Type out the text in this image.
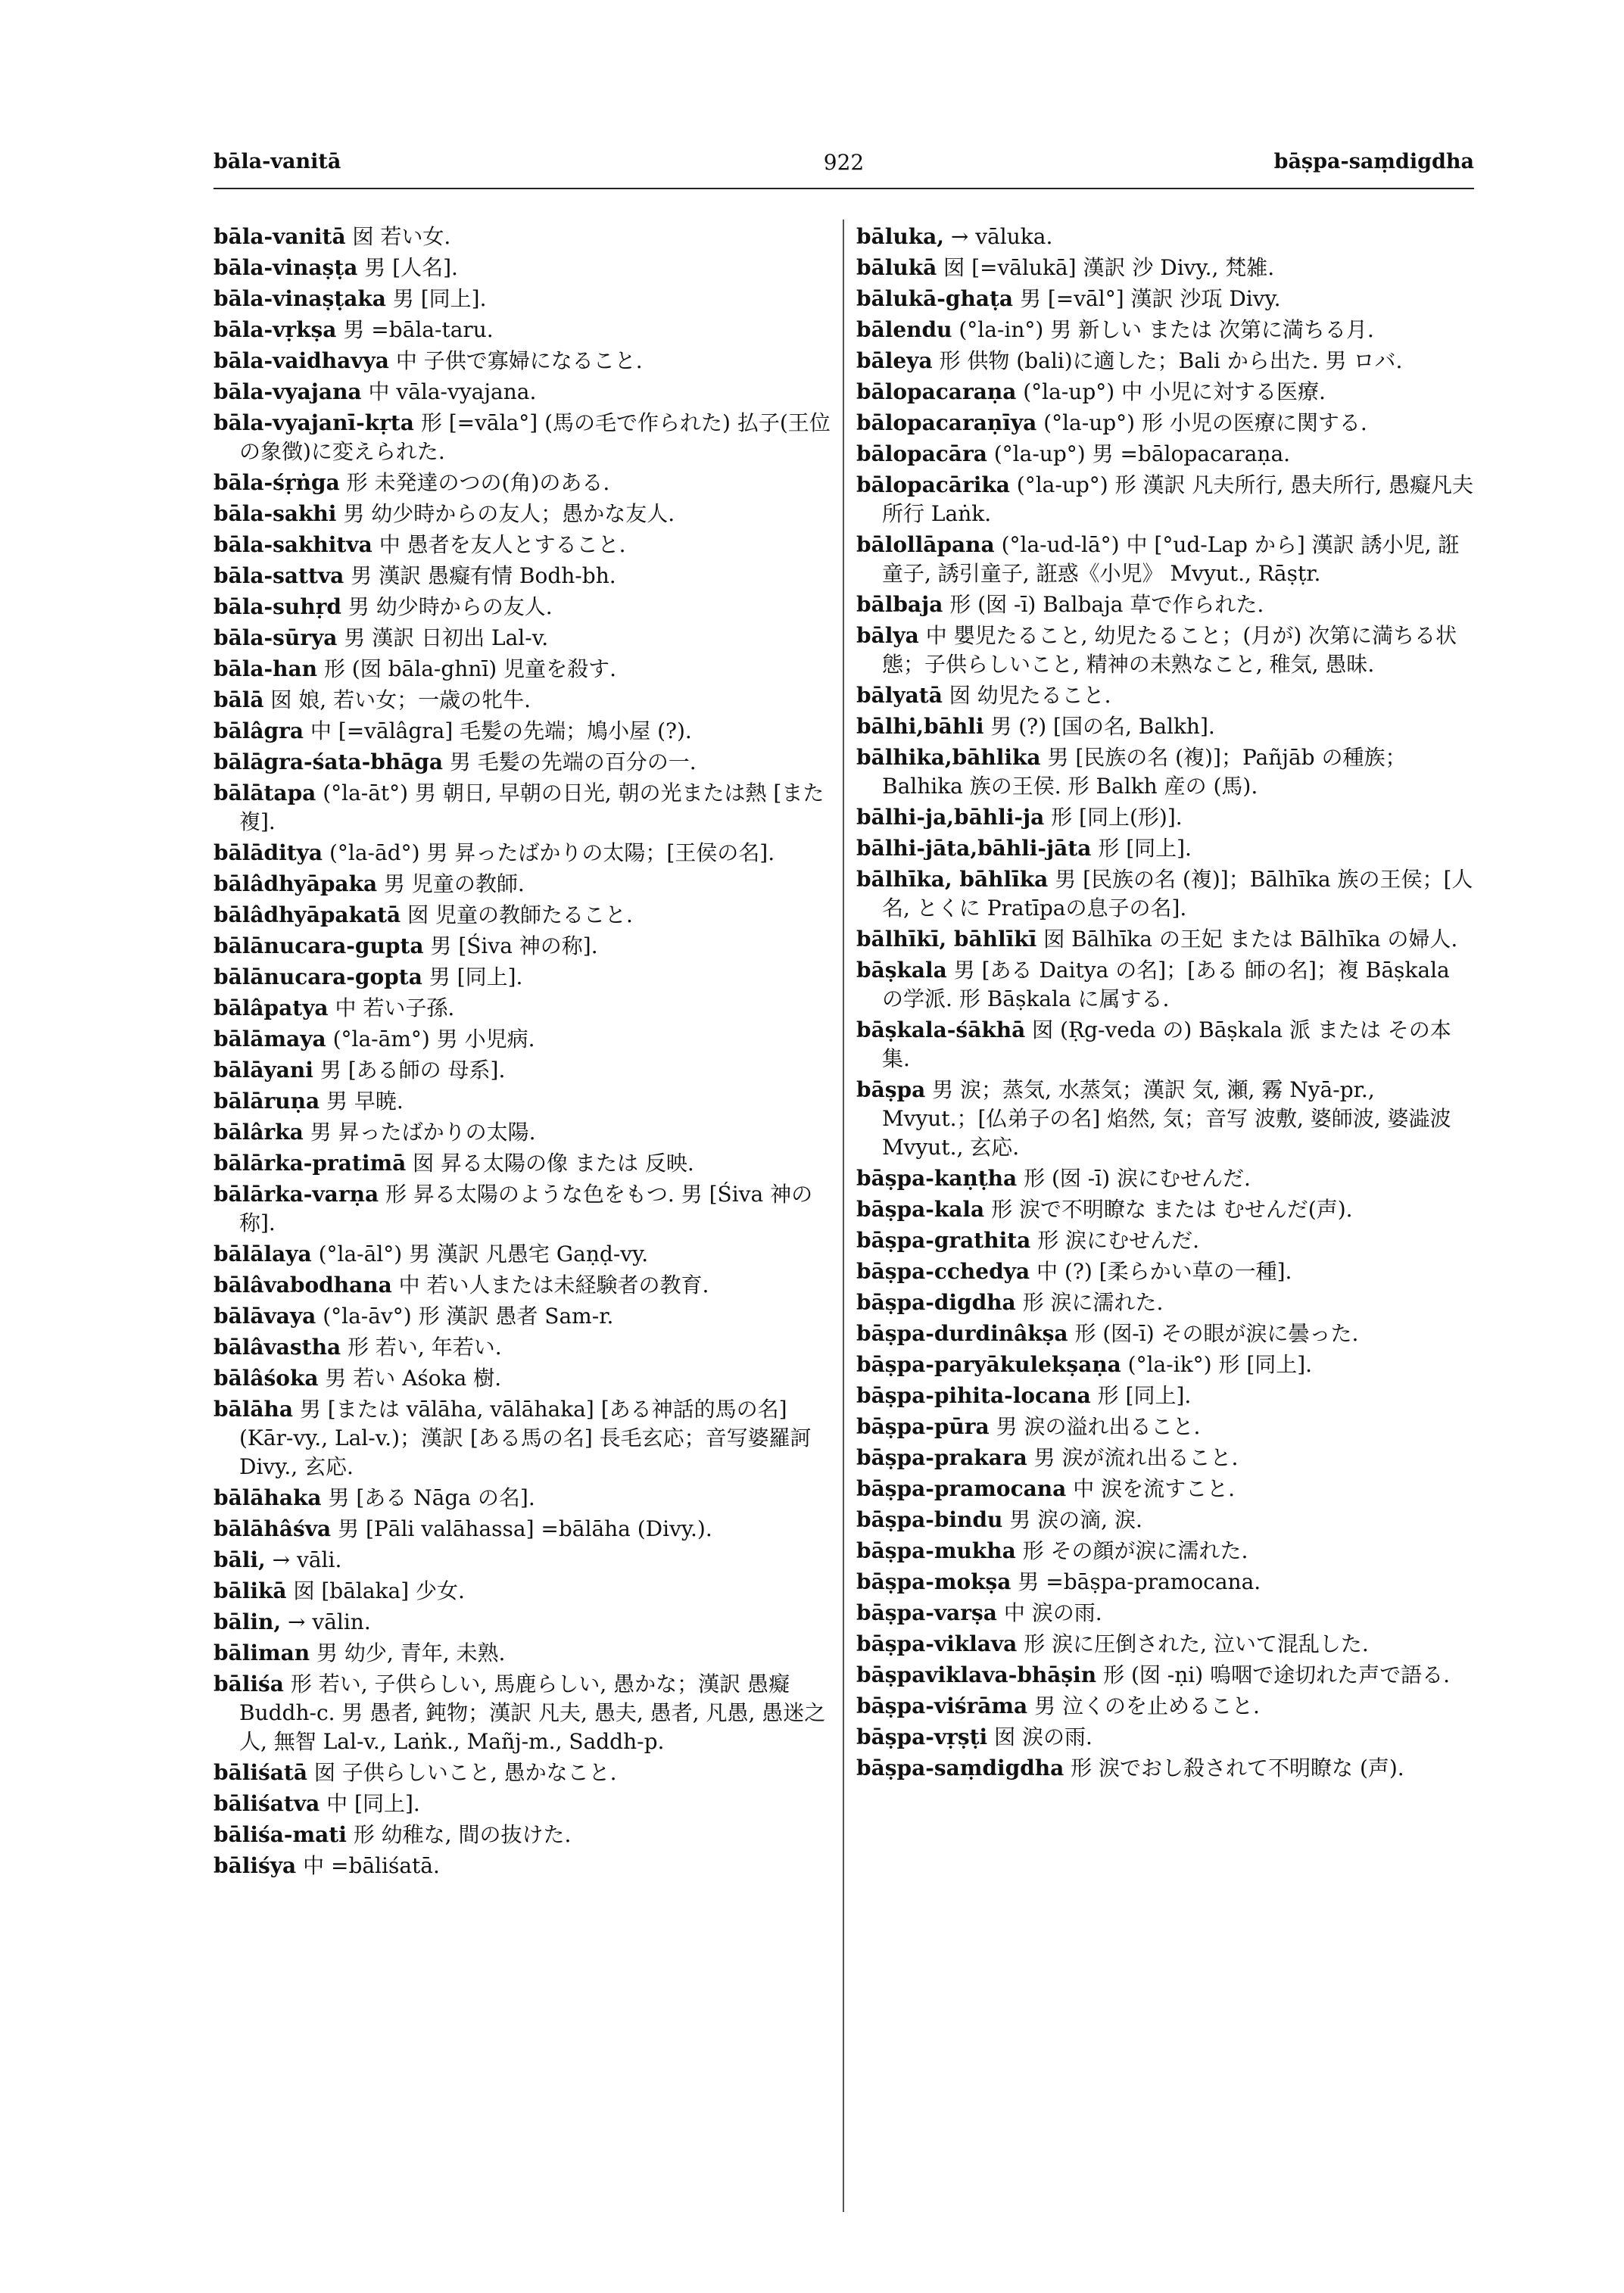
bāla-vanitā	922	bāṣpa-saṃdigdha
bāla-vanitā 囡 若い女.
bāla-vinaṣṭa 男 [人名].
bāla-vinaṣṭaka 男 [同上].
bāla-vṛkṣa 男 =bāla-taru.
bāla-vaidhavya 中 子供で寡婦になること.
bāla-vyajana 中 vāla-vyajana.
bāla-vyajanī-kṛta 形 [=vāla°] (馬の毛で作られた) 払子(王位の象徴)に変えられた.
bāla-śṛṅga 形 未発達のつの(角)のある.
bāla-sakhi 男 幼少時からの友人；愚かな友人.
bāla-sakhitva 中 愚者を友人とすること.
bāla-sattva 男 漢訳 愚癡有情 Bodh-bh.
bāla-suhṛd 男 幼少時からの友人.
bāla-sūrya 男 漢訳 日初出 Lal-v.
bāla-han 形 (囡 bāla-ghnī) 児童を殺す.
bālā 囡 娘, 若い女；一歳の牝牛.
bālâgra 中 [=vālâgra] 毛髪の先端；鳩小屋 (?).
bālāgra-śata-bhāga 男 毛髪の先端の百分の一.
bālātapa (°la-āt°) 男 朝日, 早朝の日光, 朝の光または熱 [また 複].
bālāditya (°la-ād°) 男 昇ったばかりの太陽；[王侯の名].
bālâdhyāpaka 男 児童の教師.
bālâdhyāpakatā 囡 児童の教師たること.
bālānucara-gupta 男 [Śiva 神の称].
bālānucara-gopta 男 [同上].
bālâpatya 中 若い子孫.
bālāmaya (°la-ām°) 男 小児病.
bālāyani 男 [ある師の 母系].
bālāruṇa 男 早暁.
bālârka 男 昇ったばかりの太陽.
bālārka-pratimā 囡 昇る太陽の像 または 反映.
bālārka-varṇa 形 昇る太陽のような色をもつ. 男 [Śiva 神の称].
bālālaya (°la-āl°) 男 漢訳 凡愚宅 Gaṇḍ-vy.
bālâvabodhana 中 若い人または未経験者の教育.
bālāvaya (°la-āv°) 形 漢訳 愚者 Sam-r.
bālâvastha 形 若い, 年若い.
bālâśoka 男 若い Aśoka 樹.
bālāha 男 [または vālāha, vālāhaka] [ある神話的馬の名] (Kār-vy., Lal-v.)；漢訳 [ある馬の名] 長毛玄応；音写婆羅訶 Divy., 玄応.
bālāhaka 男 [ある Nāga の名].
bālāhâśva 男 [Pāli valāhassa] =bālāha (Divy.).
bāli, → vāli.
bālikā 囡 [bālaka] 少女.
bālin, → vālin.
bāliman 男 幼少, 青年, 未熟.
bāliśa 形 若い, 子供らしい, 馬鹿らしい, 愚かな；漢訳 愚癡 Buddh-c. 男 愚者, 鈍物；漢訳 凡夫, 愚夫, 愚者, 凡愚, 愚迷之人, 無智 Lal-v., Laṅk., Mañj-m., Saddh-p.
bāliśatā 囡 子供らしいこと, 愚かなこと.
bāliśatva 中 [同上].
bāliśa-mati 形 幼稚な, 間の抜けた.
bāliśya 中 =bāliśatā.
bāluka, → vāluka.
bālukā 囡 [=vālukā] 漢訳 沙 Divy., 梵雑.
bālukā-ghaṭa 男 [=vāl°] 漢訳 沙瓨 Divy.
bālendu (°la-in°) 男 新しい または 次第に満ちる月.
bāleya 形 供物 (bali)に適した；Bali から出た. 男 ロバ.
bālopacaraṇa (°la-up°) 中 小児に対する医療.
bālopacaraṇīya (°la-up°) 形 小児の医療に関する.
bālopacāra (°la-up°) 男 =bālopacaraṇa.
bālopacārika (°la-up°) 形 漢訳 凡夫所行, 愚夫所行, 愚癡凡夫所行 Laṅk.
bālollāpana (°la-ud-lā°) 中 [°ud-Lap から] 漢訳 誘小児, 誑童子, 誘引童子, 誑惑《小児》 Mvyut., Rāṣṭr.
bālbaja 形 (囡 -ī) Balbaja 草で作られた.
bālya 中 嬰児たること, 幼児たること；(月が) 次第に満ちる状態；子供らしいこと, 精神の未熟なこと, 稚気, 愚昧.
bālyatā 囡 幼児たること.
bālhi,bāhli 男 (?) [国の名, Balkh].
bālhika,bāhlika 男 [民族の名 (複)]；Pañjāb の種族；Balhika 族の王侯. 形 Balkh 産の (馬).
bālhi-ja,bāhli-ja 形 [同上(形)].
bālhi-jāta,bāhli-jāta 形 [同上].
bālhīka, bāhlīka 男 [民族の名 (複)]；Bālhīka 族の王侯；[人名, とくに Pratīpaの息子の名].
bālhīkī, bāhlīkī 囡 Bālhīka の王妃 または Bālhīka の婦人.
bāṣkala 男 [ある Daitya の名]；[ある 師の名]；複 Bāṣkala の学派. 形 Bāṣkala に属する.
bāṣkala-śākhā 囡 (Ṛg-veda の) Bāṣkala 派 または その本集.
bāṣpa 男 涙；蒸気, 水蒸気；漢訳 気, 瀬, 霧 Nyā-pr., Mvyut.；[仏弟子の名] 焰然, 気；音写 波敷, 婆師波, 婆澁波 Mvyut., 玄応.
bāṣpa-kaṇṭha 形 (囡 -ī) 涙にむせんだ.
bāṣpa-kala 形 涙で不明瞭な または むせんだ(声).
bāṣpa-grathita 形 涙にむせんだ.
bāṣpa-cchedya 中 (?) [柔らかい草の一種].
bāṣpa-digdha 形 涙に濡れた.
bāṣpa-durdinâkṣa 形 (囡-ī) その眼が涙に曇った.
bāṣpa-paryākulekṣaṇa (°la-ik°) 形 [同上].
bāṣpa-pihita-locana 形 [同上].
bāṣpa-pūra 男 涙の溢れ出ること.
bāṣpa-prakara 男 涙が流れ出ること.
bāṣpa-pramocana 中 涙を流すこと.
bāṣpa-bindu 男 涙の滴, 涙.
bāṣpa-mukha 形 その顔が涙に濡れた.
bāṣpa-mokṣa 男 =bāṣpa-pramocana.
bāṣpa-varṣa 中 涙の雨.
bāṣpa-viklava 形 涙に圧倒された, 泣いて混乱した.
bāṣpaviklava-bhāṣin 形 (囡 -ṇi) 嗚咽で途切れた声で語る.
bāṣpa-viśrāma 男 泣くのを止めること.
bāṣpa-vṛṣṭi 囡 涙の雨.
bāṣpa-saṃdigdha 形 涙でおし殺されて不明瞭な (声).
